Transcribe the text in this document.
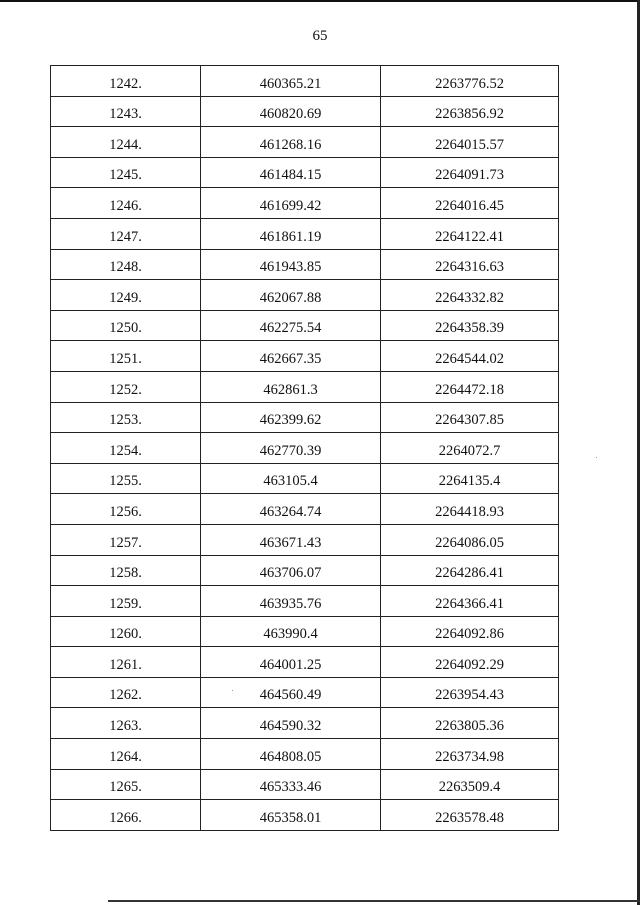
65
1242.	460365.21	2263776.52
1243.	460820.69	2263856.92
1244.	461268.16	2264015.57
1245.	461484.15	2264091.73
1246.	461699.42	2264016.45
1247.	461861.19	2264122.41
1248.	461943.85	2264316.63
1249.	462067.88	2264332.82
1250.	462275.54	2264358.39
1251.	462667.35	2264544.02
1252.	462861.3	2264472.18
1253.	462399.62	2264307.85
1254.	462770.39	2264072.7
1255.	463105.4	2264135.4
1256.	463264.74	2264418.93
1257.	463671.43	2264086.05
1258.	463706.07	2264286.41
1259.	463935.76	2264366.41
1260.	463990.4	2264092.86
1261.	464001.25	2264092.29
1262.	464560.49	2263954.43
1263.	464590.32	2263805.36
1264.	464808.05	2263734.98
1265.	465333.46	2263509.4
1266.	465358.01	2263578.48
